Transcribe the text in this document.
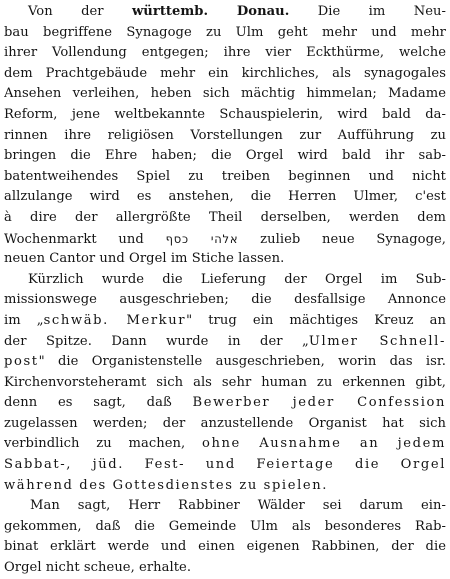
Von der württemb. Donau. Die im Neu-
bau begriffene Synagoge zu Ulm geht mehr und mehr
ihrer Vollendung entgegen; ihre vier Eckthürme, welche
dem Prachtgebäude mehr ein kirchliches, als synagogales
Ansehen verleihen, heben sich mächtig himmelan; Madame
Reform, jene weltbekannte Schauspielerin, wird bald da-
rinnen ihre religiösen Vorstellungen zur Aufführung zu
bringen die Ehre haben; die Orgel wird bald ihr sab-
batentweihendes Spiel zu treiben beginnen und nicht
allzulange wird es anstehen, die Herren Ulmer, c'est
à dire der allergrößte Theil derselben, werden dem
Wochenmarkt und אלהי כסף zulieb neue Synagoge,
neuen Cantor und Orgel im Stiche lassen.
Kürzlich wurde die Lieferung der Orgel im Sub-
missionswege ausgeschrieben; die desfallsige Annonce
im „schwäb. Merkur" trug ein mächtiges Kreuz an
der Spitze. Dann wurde in der „Ulmer Schnell-
post" die Organistenstelle ausgeschrieben, worin das isr.
Kirchenvorsteheramt sich als sehr human zu erkennen gibt,
denn es sagt, daß Bewerber jeder Confession
zugelassen werden; der anzustellende Organist hat sich
verbindlich zu machen, ohne Ausnahme an jedem
Sabbat-, jüd. Fest- und Feiertage die Orgel
während des Gottesdienstes zu spielen.
Man sagt, Herr Rabbiner Wälder sei darum ein-
gekommen, daß die Gemeinde Ulm als besonderes Rab-
binat erklärt werde und einen eigenen Rabbinen, der die
Orgel nicht scheue, erhalte.
